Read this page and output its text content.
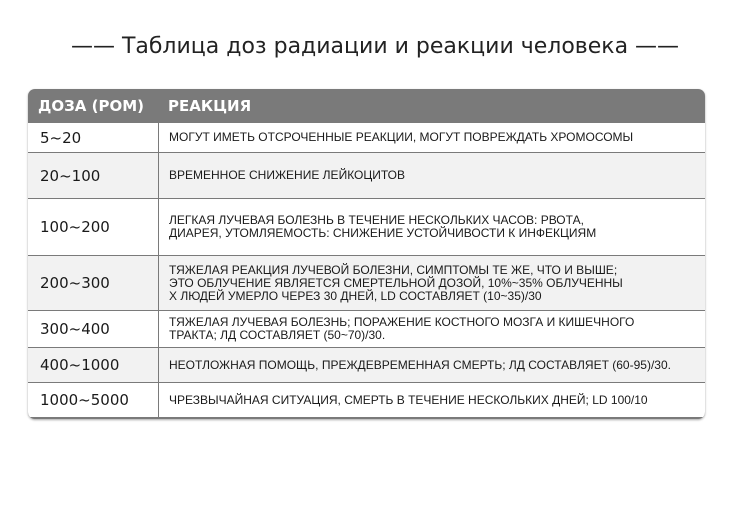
—— Таблица доз радиации и реакции человека ——
ДОЗА (РОМ)	РЕАКЦИЯ
5~20	МОГУТ ИМЕТЬ ОТСРОЧЕННЫЕ РЕАКЦИИ, МОГУТ ПОВРЕЖДАТЬ ХРОМОСОМЫ
20~100	ВРЕМЕННОЕ СНИЖЕНИЕ ЛЕЙКОЦИТОВ
100~200	ЛЕГКАЯ ЛУЧЕВАЯ БОЛЕЗНЬ В ТЕЧЕНИЕ НЕСКОЛЬКИХ ЧАСОВ: РВОТА,
ДИАРЕЯ, УТОМЛЯЕМОСТЬ: СНИЖЕНИЕ УСТОЙЧИВОСТИ К ИНФЕКЦИЯМ
200~300
ТЯЖЕЛАЯ РЕАКЦИЯ ЛУЧЕВОЙ БОЛЕЗНИ, СИМПТОМЫ ТЕ ЖЕ, ЧТО И ВЫШЕ;
ЭТО ОБЛУЧЕНИЕ ЯВЛЯЕТСЯ СМЕРТЕЛЬНОЙ ДОЗОЙ, 10%~35% ОБЛУЧЕННЫ
Х ЛЮДЕЙ УМЕРЛО ЧЕРЕЗ 30 ДНЕЙ, LD СОСТАВЛЯЕТ (10~35)/30
300~400	ТЯЖЕЛАЯ ЛУЧЕВАЯ БОЛЕЗНЬ; ПОРАЖЕНИЕ КОСТНОГО МОЗГА И КИШЕЧНОГО
ТРАКТА; ЛД СОСТАВЛЯЕТ (50~70)/30.
400~1000	НЕОТЛОЖНАЯ ПОМОЩЬ, ПРЕЖДЕВРЕМЕННАЯ СМЕРТЬ; ЛД СОСТАВЛЯЕТ (60-95)/30.
1000~5000	ЧРЕЗВЫЧАЙНАЯ СИТУАЦИЯ, СМЕРТЬ В ТЕЧЕНИЕ НЕСКОЛЬКИХ ДНЕЙ; LD 100/10
